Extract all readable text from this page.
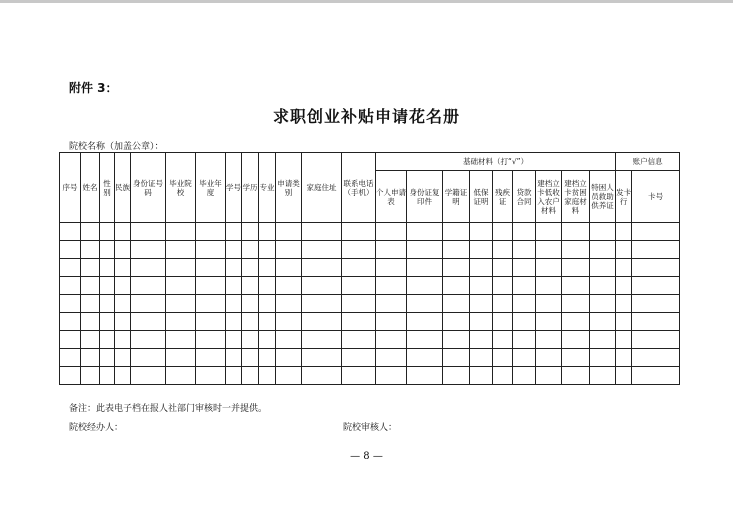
附件 3：
求职创业补贴申请花名册
院校名称（加盖公章）：
序号	姓名	性别	民族	身份证号码	毕业院校	毕业年度	学号	学历	专业	申请类别	家庭住址	联系电话（手机）	基础材料（打“√”）									账户信息	
													个人申请表	身份证复印件	学籍证明	低保证明	残疾证	贷款合同	建档立卡低收入农户材料	建档立卡贫困家庭材料	特困人员救助供养证	发卡行	卡号

备注：此表电子档在报人社部门审核时一并提供。
院校经办人：	院校审核人：
— 8 —
